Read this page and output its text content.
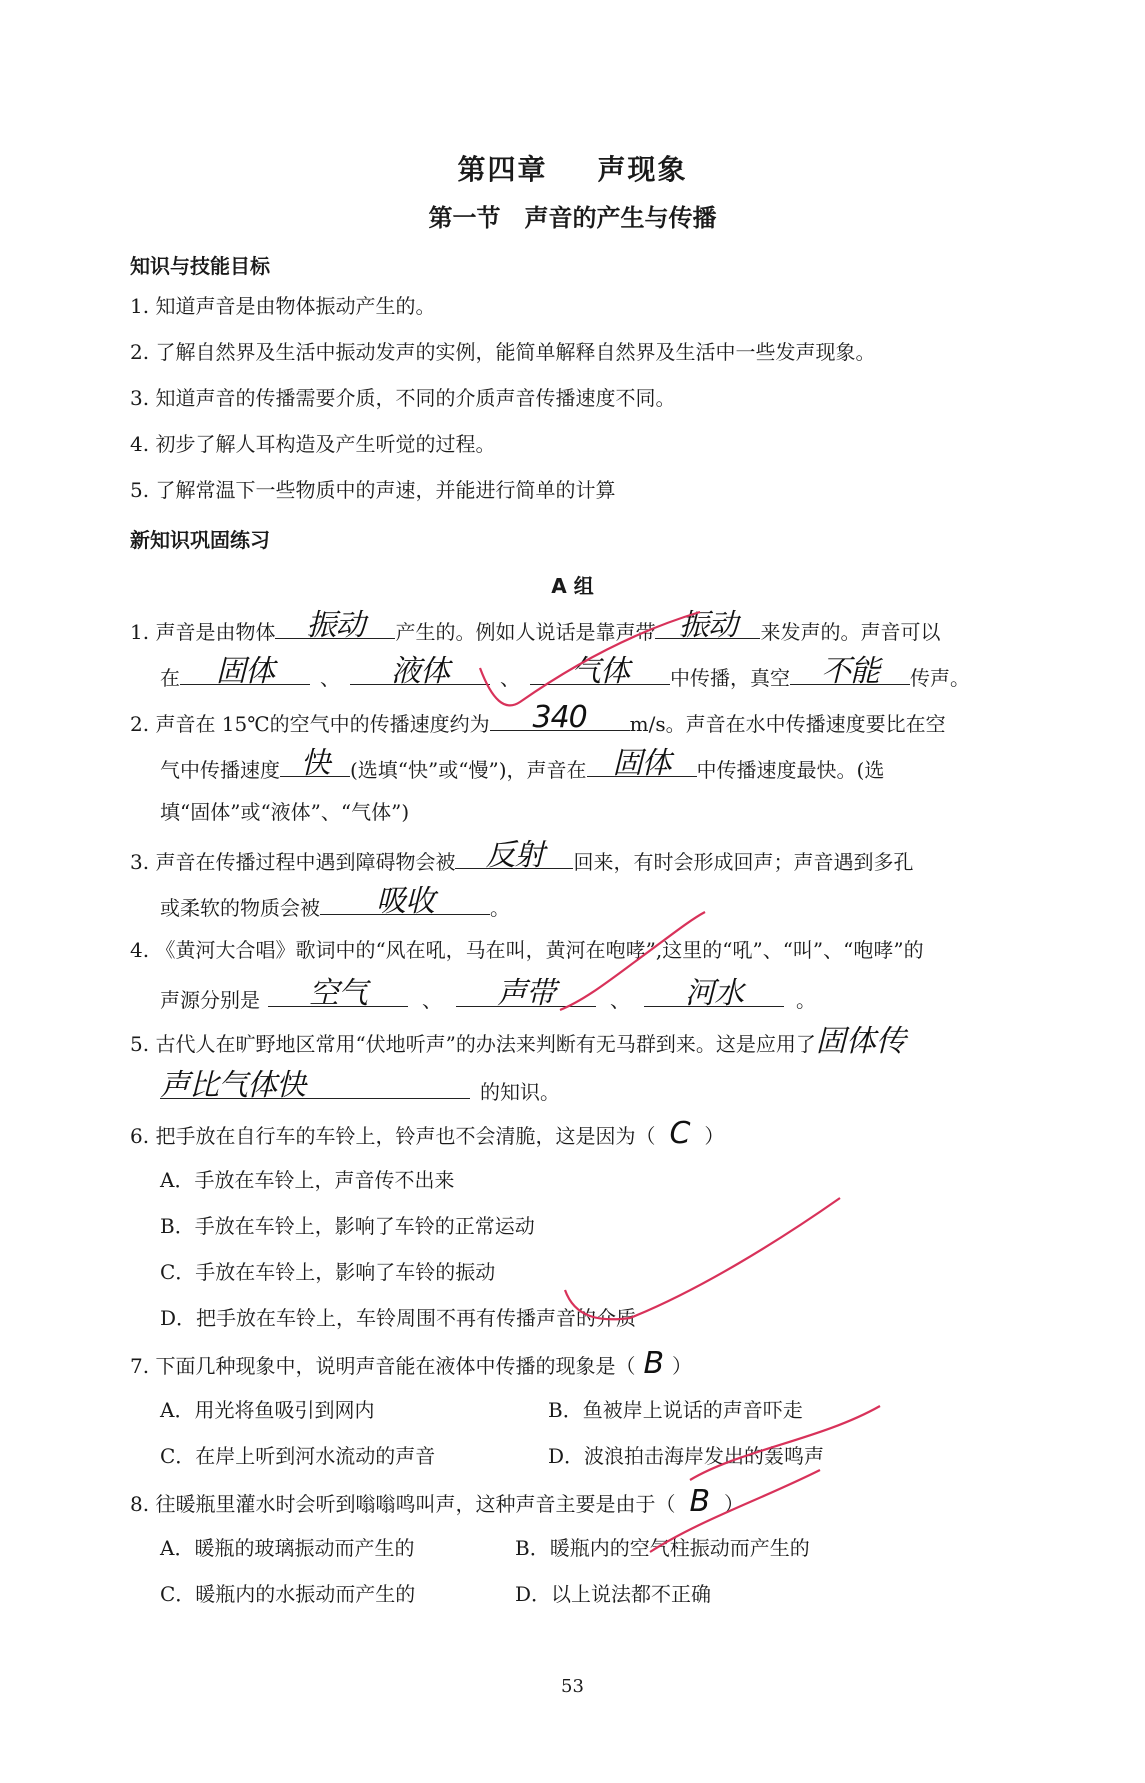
第四章 声现象
第一节 声音的产生与传播
知识与技能目标
1. 知道声音是由物体振动产生的。
2. 了解自然界及生活中振动发声的实例，能简单解释自然界及生活中一些发声现象。
3. 知道声音的传播需要介质，不同的介质声音传播速度不同。
4. 初步了解人耳构造及产生听觉的过程。
5. 了解常温下一些物质中的声速，并能进行简单的计算
新知识巩固练习
A 组
1. 声音是由物体	振动	产生的。例如人说话是靠声带 振动	来发声的。声音可以
在	固体	、	液体	、	气体	中传播，真空	不能	传声。
2. 声音在 15℃的空气中的传播速度约为	340	m/s。声音在水中传播速度要比在空
气中传播速度 快	(选填“快”或“慢”)，声音在 固体	中传播速度最快。(选
填“固体”或“液体”、“气体”)
3. 声音在传播过程中遇到障碍物会被	反射	回来，有时会形成回声；声音遇到多孔
或柔软的物质会被	吸收	。
4. 《黄河大合唱》歌词中的“风在吼，马在叫，黄河在咆哮”,这里的“吼”、“叫”、“咆哮”的
声源分别是	空气	、	声带	、	河水	。
5. 古代人在旷野地区常用“伏地听声”的办法来判断有无马群到来。这是应用了固体传
声比气体快	的知识。
6. 把手放在自行车的车铃上，铃声也不会清脆，这是因为（ C ）
A．手放在车铃上，声音传不出来
B．手放在车铃上，影响了车铃的正常运动
C．手放在车铃上，影响了车铃的振动
D．把手放在车铃上，车铃周围不再有传播声音的介质
7. 下面几种现象中，说明声音能在液体中传播的现象是（ B ）
A．用光将鱼吸引到网内	B．鱼被岸上说话的声音吓走
C．在岸上听到河水流动的声音	D．波浪拍击海岸发出的轰鸣声
8. 往暖瓶里灌水时会听到嗡嗡鸣叫声，这种声音主要是由于（ B ）
A．暖瓶的玻璃振动而产生的	B．暖瓶内的空气柱振动而产生的
C．暖瓶内的水振动而产生的	D．以上说法都不正确
53
